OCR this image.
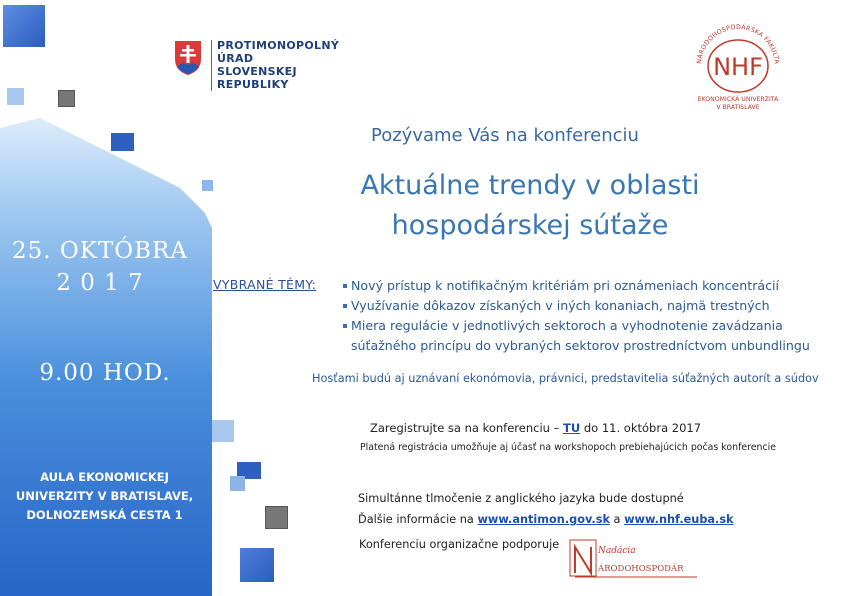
25. OKTÓBRA
2 0 1 7
9.00 HOD.
AULA EKONOMICKEJ
UNIVERZITY V BRATISLAVE,
DOLNOZEMSKÁ CESTA 1
PROTIMONOPOLNÝ
ÚRAD
SLOVENSKEJ
REPUBLIKY
NÁRODOHOSPODÁRSKA FAKULTA
NHF
EKONOMICKÁ UNIVERZITA
V BRATISLAVE
Pozývame Vás na konferenciu
Aktuálne trendy v oblasti
hospodárskej súťaže
VYBRANÉ TÉMY:	Nový prístup k notifikačným kritériám pri oznámeniach koncentrácií
Využívanie dôkazov získaných v iných konaniach, najmä trestných
Miera regulácie v jednotlivých sektoroch a vyhodnotenie zavádzania
súťažného princípu do vybraných sektorov prostredníctvom unbundlingu
Hosťami budú aj uznávaní ekonómovia, právnici, predstavitelia súťažných autorít a súdov
Zaregistrujte sa na konferenciu – TU do 11. októbra 2017
Platená registrácia umožňuje aj účasť na workshopoch prebiehajúcich počas konferencie
Simultánne tlmočenie z anglického jazyka bude dostupné
Ďalšie informácie na www.antimon.gov.sk a www.nhf.euba.sk
Konferenciu organizačne podporuje	Nadácia
ÁRODOHOSPODÁR
